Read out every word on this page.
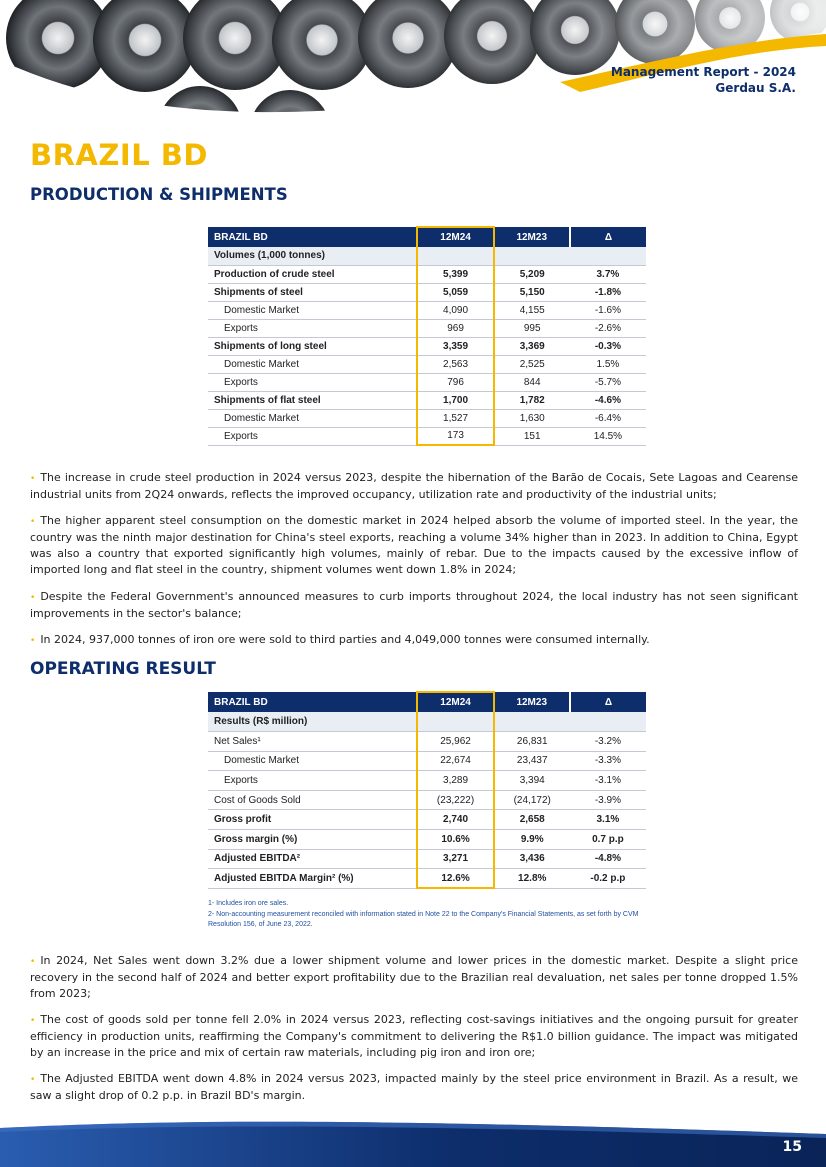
Management Report - 2024
Gerdau S.A.
BRAZIL BD
PRODUCTION & SHIPMENTS
BRAZIL BD	12M24	12M23	Δ
Volumes (1,000 tonnes)			
Production of crude steel	5,399	5,209	3.7%
Shipments of steel	5,059	5,150	-1.8%
Domestic Market	4,090	4,155	-1.6%
Exports	969	995	-2.6%
Shipments of long steel	3,359	3,369	-0.3%
Domestic Market	2,563	2,525	1.5%
Exports	796	844	-5.7%
Shipments of flat steel	1,700	1,782	-4.6%
Domestic Market	1,527	1,630	-6.4%
Exports	173	151	14.5%

• The increase in crude steel production in 2024 versus 2023, despite the hibernation of the Barão de Cocais, Sete Lagoas and Cearense industrial units from 2Q24 onwards, reflects the improved occupancy, utilization rate and productivity of the industrial units;

• The higher apparent steel consumption on the domestic market in 2024 helped absorb the volume of imported steel. In the year, the country was the ninth major destination for China's steel exports, reaching a volume 34% higher than in 2023. In addition to China, Egypt was also a country that exported significantly high volumes, mainly of rebar. Due to the impacts caused by the excessive inflow of imported long and flat steel in the country, shipment volumes went down 1.8% in 2024;

• Despite the Federal Government's announced measures to curb imports throughout 2024, the local industry has not seen significant improvements in the sector's balance;

• In 2024, 937,000 tonnes of iron ore were sold to third parties and 4,049,000 tonnes were consumed internally.

OPERATING RESULT
BRAZIL BD	12M24	12M23	Δ
Results (R$ million)			
Net Sales¹	25,962	26,831	-3.2%
Domestic Market	22,674	23,437	-3.3%
Exports	3,289	3,394	-3.1%
Cost of Goods Sold	(23,222)	(24,172)	-3.9%
Gross profit	2,740	2,658	3.1%
Gross margin (%)	10.6%	9.9%	0.7 p.p
Adjusted EBITDA²	3,271	3,436	-4.8%
Adjusted EBITDA Margin² (%)	12.6%	12.8%	-0.2 p.p
1- Includes iron ore sales.
2- Non-accounting measurement reconciled with information stated in Note 22 to the Company's Financial Statements, as set forth by CVM Resolution 156, of June 23, 2022.

• In 2024, Net Sales went down 3.2% due a lower shipment volume and lower prices in the domestic market. Despite a slight price recovery in the second half of 2024 and better export profitability due to the Brazilian real devaluation, net sales per tonne dropped 1.5% from 2023;

• The cost of goods sold per tonne fell 2.0% in 2024 versus 2023, reflecting cost-savings initiatives and the ongoing pursuit for greater efficiency in production units, reaffirming the Company's commitment to delivering the R$1.0 billion guidance. The impact was mitigated by an increase in the price and mix of certain raw materials, including pig iron and iron ore;

• The Adjusted EBITDA went down 4.8% in 2024 versus 2023, impacted mainly by the steel price environment in Brazil. As a result, we saw a slight drop of 0.2 p.p. in Brazil BD's margin.

15
